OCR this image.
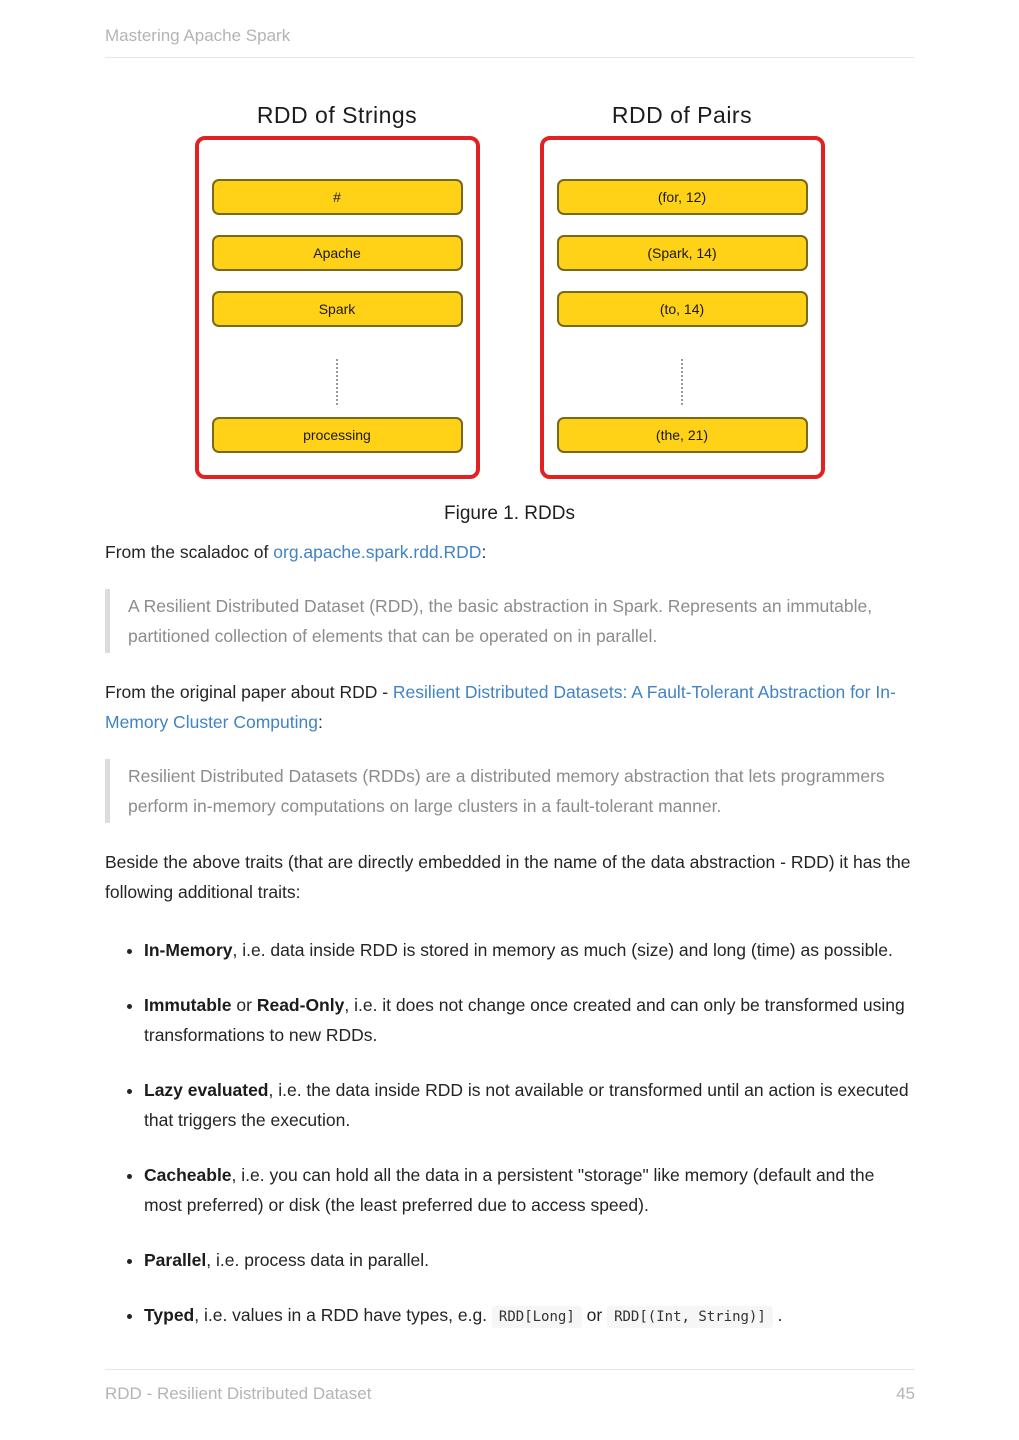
Mastering Apache Spark
RDD of Strings
#
Apache
Spark
processing
RDD of Pairs
(for, 12)
(Spark, 14)
(to, 14)
(the, 21)
Figure 1. RDDs

From the scaladoc of org.apache.spark.rdd.RDD:

A Resilient Distributed Dataset (RDD), the basic abstraction in Spark. Represents an immutable, partitioned collection of elements that can be operated on in parallel.

From the original paper about RDD - Resilient Distributed Datasets: A Fault-Tolerant Abstraction for In-Memory Cluster Computing:

Resilient Distributed Datasets (RDDs) are a distributed memory abstraction that lets programmers perform in-memory computations on large clusters in a fault-tolerant manner.

Beside the above traits (that are directly embedded in the name of the data abstraction - RDD) it has the following additional traits:

• In-Memory, i.e. data inside RDD is stored in memory as much (size) and long (time) as possible.
• Immutable or Read-Only, i.e. it does not change once created and can only be transformed using transformations to new RDDs.
• Lazy evaluated, i.e. the data inside RDD is not available or transformed until an action is executed that triggers the execution.
• Cacheable, i.e. you can hold all the data in a persistent "storage" like memory (default and the most preferred) or disk (the least preferred due to access speed).
• Parallel, i.e. process data in parallel.
• Typed, i.e. values in a RDD have types, e.g. RDD[Long] or RDD[(Int, String)] .
RDD - Resilient Distributed Dataset	45
